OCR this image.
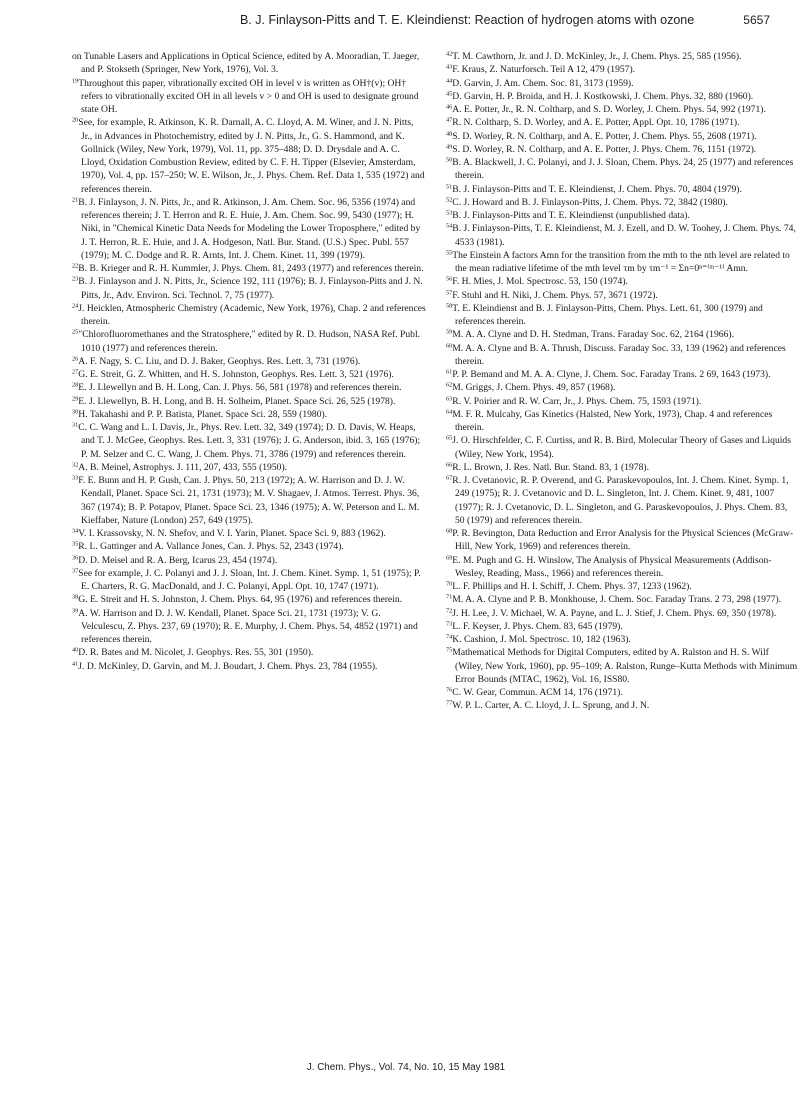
B. J. Finlayson-Pitts and T. E. Kleindienst: Reaction of hydrogen atoms with ozone	5657

on Tunable Lasers and Applications in Optical Science, edited by A. Mooradian, T. Jaeger, and P. Stokseth (Springer, New York, 1976), Vol. 3.

$^{19}$Throughout this paper, vibrationally excited OH in level v is written as OH†(v); OH† refers to vibrationally excited OH in all levels v > 0 and OH is used to designate ground state OH.

$^{20}$See, for example, R. Atkinson, K. R. Darnall, A. C. Lloyd, A. M. Winer, and J. N. Pitts, Jr., in Advances in Photochemistry, edited by J. N. Pitts, Jr., G. S. Hammond, and K. Gollnick (Wiley, New York, 1979), Vol. 11, pp. 375–488; D. D. Drysdale and A. C. Lloyd, Oxidation Combustion Review, edited by C. F. H. Tipper (Elsevier, Amsterdam, 1970), Vol. 4, pp. 157–250; W. E. Wilson, Jr., J. Phys. Chem. Ref. Data 1, 535 (1972) and references therein.

$^{21}$B. J. Finlayson, J. N. Pitts, Jr., and R. Atkinson, J. Am. Chem. Soc. 96, 5356 (1974) and references therein; J. T. Herron and R. E. Huie, J. Am. Chem. Soc. 99, 5430 (1977); H. Niki, in "Chemical Kinetic Data Needs for Modeling the Lower Troposphere," edited by J. T. Herron, R. E. Huie, and J. A. Hodgeson, Natl. Bur. Stand. (U.S.) Spec. Publ. 557 (1979); M. C. Dodge and R. R. Arnts, Int. J. Chem. Kinet. 11, 399 (1979).

$^{22}$B. B. Krieger and R. H. Kummler, J. Phys. Chem. 81, 2493 (1977) and references therein.

$^{23}$B. J. Finlayson and J. N. Pitts, Jr., Science 192, 111 (1976); B. J. Finlayson-Pitts and J. N. Pitts, Jr., Adv. Environ. Sci. Technol. 7, 75 (1977).

$^{24}$J. Heicklen, Atmospheric Chemistry (Academic, New York, 1976), Chap. 2 and references therein.

$^{25}$"Chlorofluoromethanes and the Stratosphere," edited by R. D. Hudson, NASA Ref. Publ. 1010 (1977) and references therein.

$^{26}$A. F. Nagy, S. C. Liu, and D. J. Baker, Geophys. Res. Lett. 3, 731 (1976).

$^{27}$G. E. Streit, G. Z. Whitten, and H. S. Johnston, Geophys. Res. Lett. 3, 521 (1976).

$^{28}$E. J. Llewellyn and B. H. Long, Can. J. Phys. 56, 581 (1978) and references therein.

$^{29}$E. J. Llewellyn, B. H. Long, and B. H. Solheim, Planet. Space Sci. 26, 525 (1978).

$^{30}$H. Takahashi and P. P. Batista, Planet. Space Sci. 28, 559 (1980).

$^{31}$C. C. Wang and L. I. Davis, Jr., Phys. Rev. Lett. 32, 349 (1974); D. D. Davis, W. Heaps, and T. J. McGee, Geophys. Res. Lett. 3, 331 (1976); J. G. Anderson, ibid. 3, 165 (1976); P. M. Selzer and C. C. Wang, J. Chem. Phys. 71, 3786 (1979) and references therein.

$^{32}$A. B. Meinel, Astrophys. J. 111, 207, 433, 555 (1950).

$^{33}$F. E. Bunn and H. P. Gush, Can. J. Phys. 50, 213 (1972); A. W. Harrison and D. J. W. Kendall, Planet. Space Sci. 21, 1731 (1973); M. V. Shagaev, J. Atmos. Terrest. Phys. 36, 367 (1974); B. P. Potapov, Planet. Space Sci. 23, 1346 (1975); A. W. Peterson and L. M. Kieffaber, Nature (London) 257, 649 (1975).

$^{34}$V. I. Krassovsky, N. N. Shefov, and V. I. Yarin, Planet. Space Sci. 9, 883 (1962).

$^{35}$R. L. Gattinger and A. Vallance Jones, Can. J. Phys. 52, 2343 (1974).

$^{36}$D. D. Meisel and R. A. Berg, Icarus 23, 454 (1974).

$^{37}$See for example, J. C. Polanyi and J. J. Sloan, Int. J. Chem. Kinet. Symp. 1, 51 (1975); P. E. Charters, R. G. MacDonald, and J. C. Polanyi, Appl. Opt. 10, 1747 (1971).

$^{38}$G. E. Streit and H. S. Johnston, J. Chem. Phys. 64, 95 (1976) and references therein.

$^{39}$A. W. Harrison and D. J. W. Kendall, Planet. Space Sci. 21, 1731 (1973); V. G. Velculescu, Z. Phys. 237, 69 (1970); R. E. Murphy, J. Chem. Phys. 54, 4852 (1971) and references therein.

$^{40}$D. R. Bates and M. Nicolet, J. Geophys. Res. 55, 301 (1950).

$^{41}$J. D. McKinley, D. Garvin, and M. J. Boudart, J. Chem. Phys. 23, 784 (1955).

$^{42}$T. M. Cawthorn, Jr. and J. D. McKinley, Jr., J. Chem. Phys. 25, 585 (1956).

$^{43}$F. Kraus, Z. Naturforsch. Teil A 12, 479 (1957).

$^{44}$D. Garvin, J. Am. Chem. Soc. 81, 3173 (1959).

$^{45}$D. Garvin, H. P. Broida, and H. J. Kostkowski, J. Chem. Phys. 32, 880 (1960).

$^{46}$A. E. Potter, Jr., R. N. Coltharp, and S. D. Worley, J. Chem. Phys. 54, 992 (1971).

$^{47}$R. N. Coltharp, S. D. Worley, and A. E. Potter, Appl. Opt. 10, 1786 (1971).

$^{48}$S. D. Worley, R. N. Coltharp, and A. E. Potter, J. Chem. Phys. 55, 2608 (1971).

$^{49}$S. D. Worley, R. N. Coltharp, and A. E. Potter, J. Phys. Chem. 76, 1151 (1972).

$^{50}$B. A. Blackwell, J. C. Polanyi, and J. J. Sloan, Chem. Phys. 24, 25 (1977) and references therein.

$^{51}$B. J. Finlayson-Pitts and T. E. Kleindienst, J. Chem. Phys. 70, 4804 (1979).

$^{52}$C. J. Howard and B. J. Finlayson-Pitts, J. Chem. Phys. 72, 3842 (1980).

$^{53}$B. J. Finlayson-Pitts and T. E. Kleindienst (unpublished data).

$^{54}$B. J. Finlayson-Pitts, T. E. Kleindienst, M. J. Ezell, and D. W. Toohey, J. Chem. Phys. 74, 4533 (1981).

$^{55}$The Einstein A factors Amn for the transition from the mth to the nth level are related to the mean radiative lifetime of the mth level τm by τm⁻¹ = Σn=0ⁿ⁼⁽ᵐ⁻¹⁾ Amn.

$^{56}$F. H. Mies, J. Mol. Spectrosc. 53, 150 (1974).

$^{57}$F. Stuhl and H. Niki, J. Chem. Phys. 57, 3671 (1972).

$^{58}$T. E. Kleindienst and B. J. Finlayson-Pitts, Chem. Phys. Lett. 61, 300 (1979) and references therein.

$^{59}$M. A. A. Clyne and D. H. Stedman, Trans. Faraday Soc. 62, 2164 (1966).

$^{60}$M. A. A. Clyne and B. A. Thrush, Discuss. Faraday Soc. 33, 139 (1962) and references therein.

$^{61}$P. P. Bemand and M. A. A. Clyne, J. Chem. Soc. Faraday Trans. 2 69, 1643 (1973).

$^{62}$M. Griggs, J. Chem. Phys. 49, 857 (1968).

$^{63}$R. V. Poirier and R. W. Carr, Jr., J. Phys. Chem. 75, 1593 (1971).

$^{64}$M. F. R. Mulcahy, Gas Kinetics (Halsted, New York, 1973), Chap. 4 and references therein.

$^{65}$J. O. Hirschfelder, C. F. Curtiss, and R. B. Bird, Molecular Theory of Gases and Liquids (Wiley, New York, 1954).

$^{66}$R. L. Brown, J. Res. Natl. Bur. Stand. 83, 1 (1978).

$^{67}$R. J. Cvetanovic, R. P. Overend, and G. Paraskevopoulos, Int. J. Chem. Kinet. Symp. 1, 249 (1975); R. J. Cvetanovic and D. L. Singleton, Int. J. Chem. Kinet. 9, 481, 1007 (1977); R. J. Cvetanovic, D. L. Singleton, and G. Paraskevopoulos, J. Phys. Chem. 83, 50 (1979) and references therein.

$^{68}$P. R. Bevington, Data Reduction and Error Analysis for the Physical Sciences (McGraw-Hill, New York, 1969) and references therein.

$^{69}$E. M. Pugh and G. H. Winslow, The Analysis of Physical Measurements (Addison-Wesley, Reading, Mass., 1966) and references therein.

$^{70}$L. F. Phillips and H. I. Schiff, J. Chem. Phys. 37, 1233 (1962).

$^{71}$M. A. A. Clyne and P. B. Monkhouse, J. Chem. Soc. Faraday Trans. 2 73, 298 (1977).

$^{72}$J. H. Lee, J. V. Michael, W. A. Payne, and L. J. Stief, J. Chem. Phys. 69, 350 (1978).

$^{73}$L. F. Keyser, J. Phys. Chem. 83, 645 (1979).

$^{74}$K. Cashion, J. Mol. Spectrosc. 10, 182 (1963).

$^{75}$Mathematical Methods for Digital Computers, edited by A. Ralston and H. S. Wilf (Wiley, New York, 1960), pp. 95–109; A. Ralston, Runge–Kutta Methods with Minimum Error Bounds (MTAC, 1962), Vol. 16, ISS80.

$^{76}$C. W. Gear, Commun. ACM 14, 176 (1971).

$^{77}$W. P. L. Carter, A. C. Lloyd, J. L. Sprung, and J. N.

J. Chem. Phys., Vol. 74, No. 10, 15 May 1981
